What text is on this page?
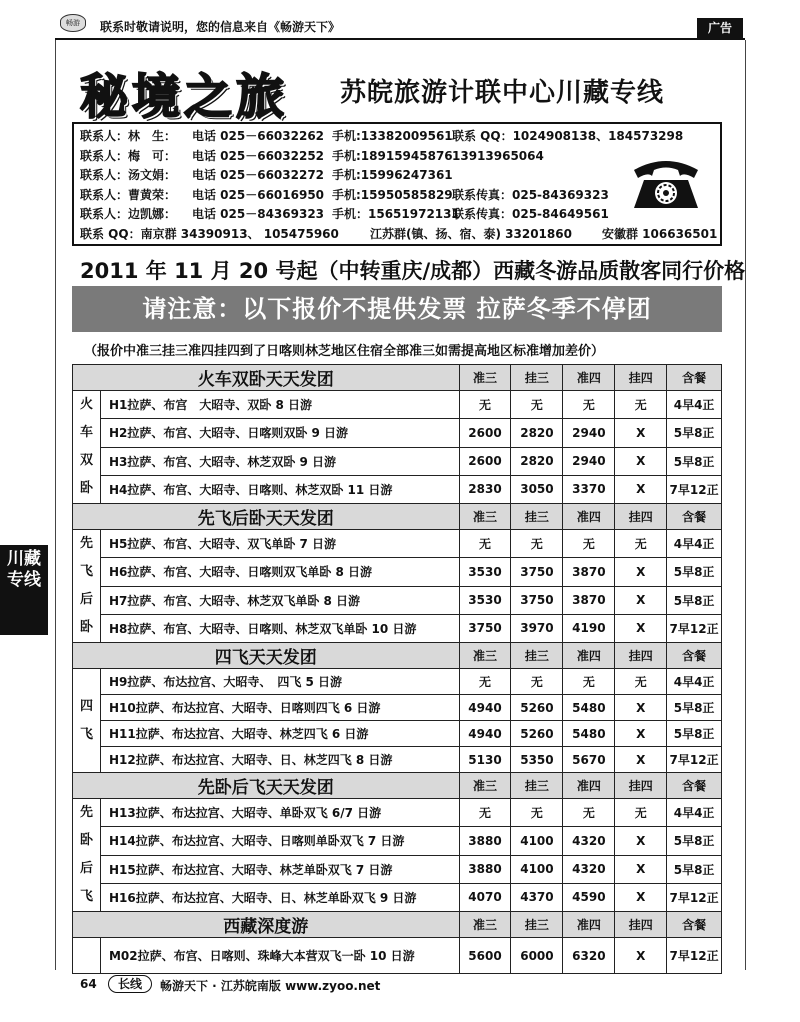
畅游	联系时敬请说明，您的信息来自《畅游天下》	广告
川藏
专线
秘境之旅 苏皖旅游计联中心川藏专线
联系人：林　生： 电话 025－66032262 手机:13382009561 联系 QQ：1024908138、184573298
联系人：梅　可： 电话 025－66032252 手机:18915945876 13913965064
联系人：汤文娟： 电话 025－66032272 手机:15996247361
联系人：曹黄荣： 电话 025－66016950 手机:15950585829 联系传真：025-84369323
联系人：边凯娜： 电话 025－84369323 手机：15651972131
联系传真：025-84649561
联系 QQ：南京群 34390913、 105475960	江苏群(镇、扬、宿、泰) 33201860	安徽群 106636501
2011 年 11 月 20 号起（中转重庆/成都）西藏冬游品质散客同行价格
请注意：以下报价不提供发票 拉萨冬季不停团
（报价中准三挂三准四挂四到了日喀则林芝地区住宿全部准三如需提高地区标准增加差价）
火车双卧天天发团		准三	挂三	准四	挂四	含餐

火
车
双
卧	H1拉萨、布宫　大昭寺、双卧 8 日游	无	无	无	无	4早4正
	H2拉萨、布宫、大昭寺、日喀则双卧 9 日游	2600	2820	2940	X	5早8正
	H3拉萨、布宫、大昭寺、林芝双卧 9 日游	2600	2820	2940	X	5早8正
	H4拉萨、布宫、大昭寺、日喀则、林芝双卧 11 日游	2830	3050	3370	X	7早12正
先飞后卧天天发团		准三	挂三	准四	挂四	含餐

先
飞
后
卧	H5拉萨、布宫、大昭寺、双飞单卧 7 日游	无	无	无	无	4早4正
	H6拉萨、布宫、大昭寺、日喀则双飞单卧 8 日游	3530	3750	3870	X	5早8正
	H7拉萨、布宫、大昭寺、林芝双飞单卧 8 日游	3530	3750	3870	X	5早8正
	H8拉萨、布宫、大昭寺、日喀则、林芝双飞单卧 10 日游	3750	3970	4190	X	7早12正
四飞天天发团		准三	挂三	准四	挂四	含餐

四
飞	H9拉萨、布达拉宫、大昭寺、　四飞 5 日游	无	无	无	无	4早4正
	H10拉萨、布达拉宫、大昭寺、日喀则四飞 6 日游	4940	5260	5480	X	5早8正
	H11拉萨、布达拉宫、大昭寺、林芝四飞 6 日游	4940	5260	5480	X	5早8正
	H12拉萨、布达拉宫、大昭寺、日、林芝四飞 8 日游	5130	5350	5670	X	7早12正
先卧后飞天天发团		准三	挂三	准四	挂四	含餐

先
卧
后
飞	H13拉萨、布达拉宫、大昭寺、单卧双飞 6/7 日游	无	无	无	无	4早4正
	H14拉萨、布达拉宫、大昭寺、日喀则单卧双飞 7 日游	3880	4100	4320	X	5早8正
	H15拉萨、布达拉宫、大昭寺、林芝单卧双飞 7 日游	3880	4100	4320	X	5早8正
	H16拉萨、布达拉宫、大昭寺、日、林芝单卧双飞 9 日游	4070	4370	4590	X	7早12正
西藏深度游		准三	挂三	准四	挂四	含餐
	M02拉萨、布宫、日喀则、珠峰大本营双飞一卧 10 日游	5600	6000	6320	X	7早12正
64	长线	畅游天下 · 江苏皖南版 www.zyoo.net
